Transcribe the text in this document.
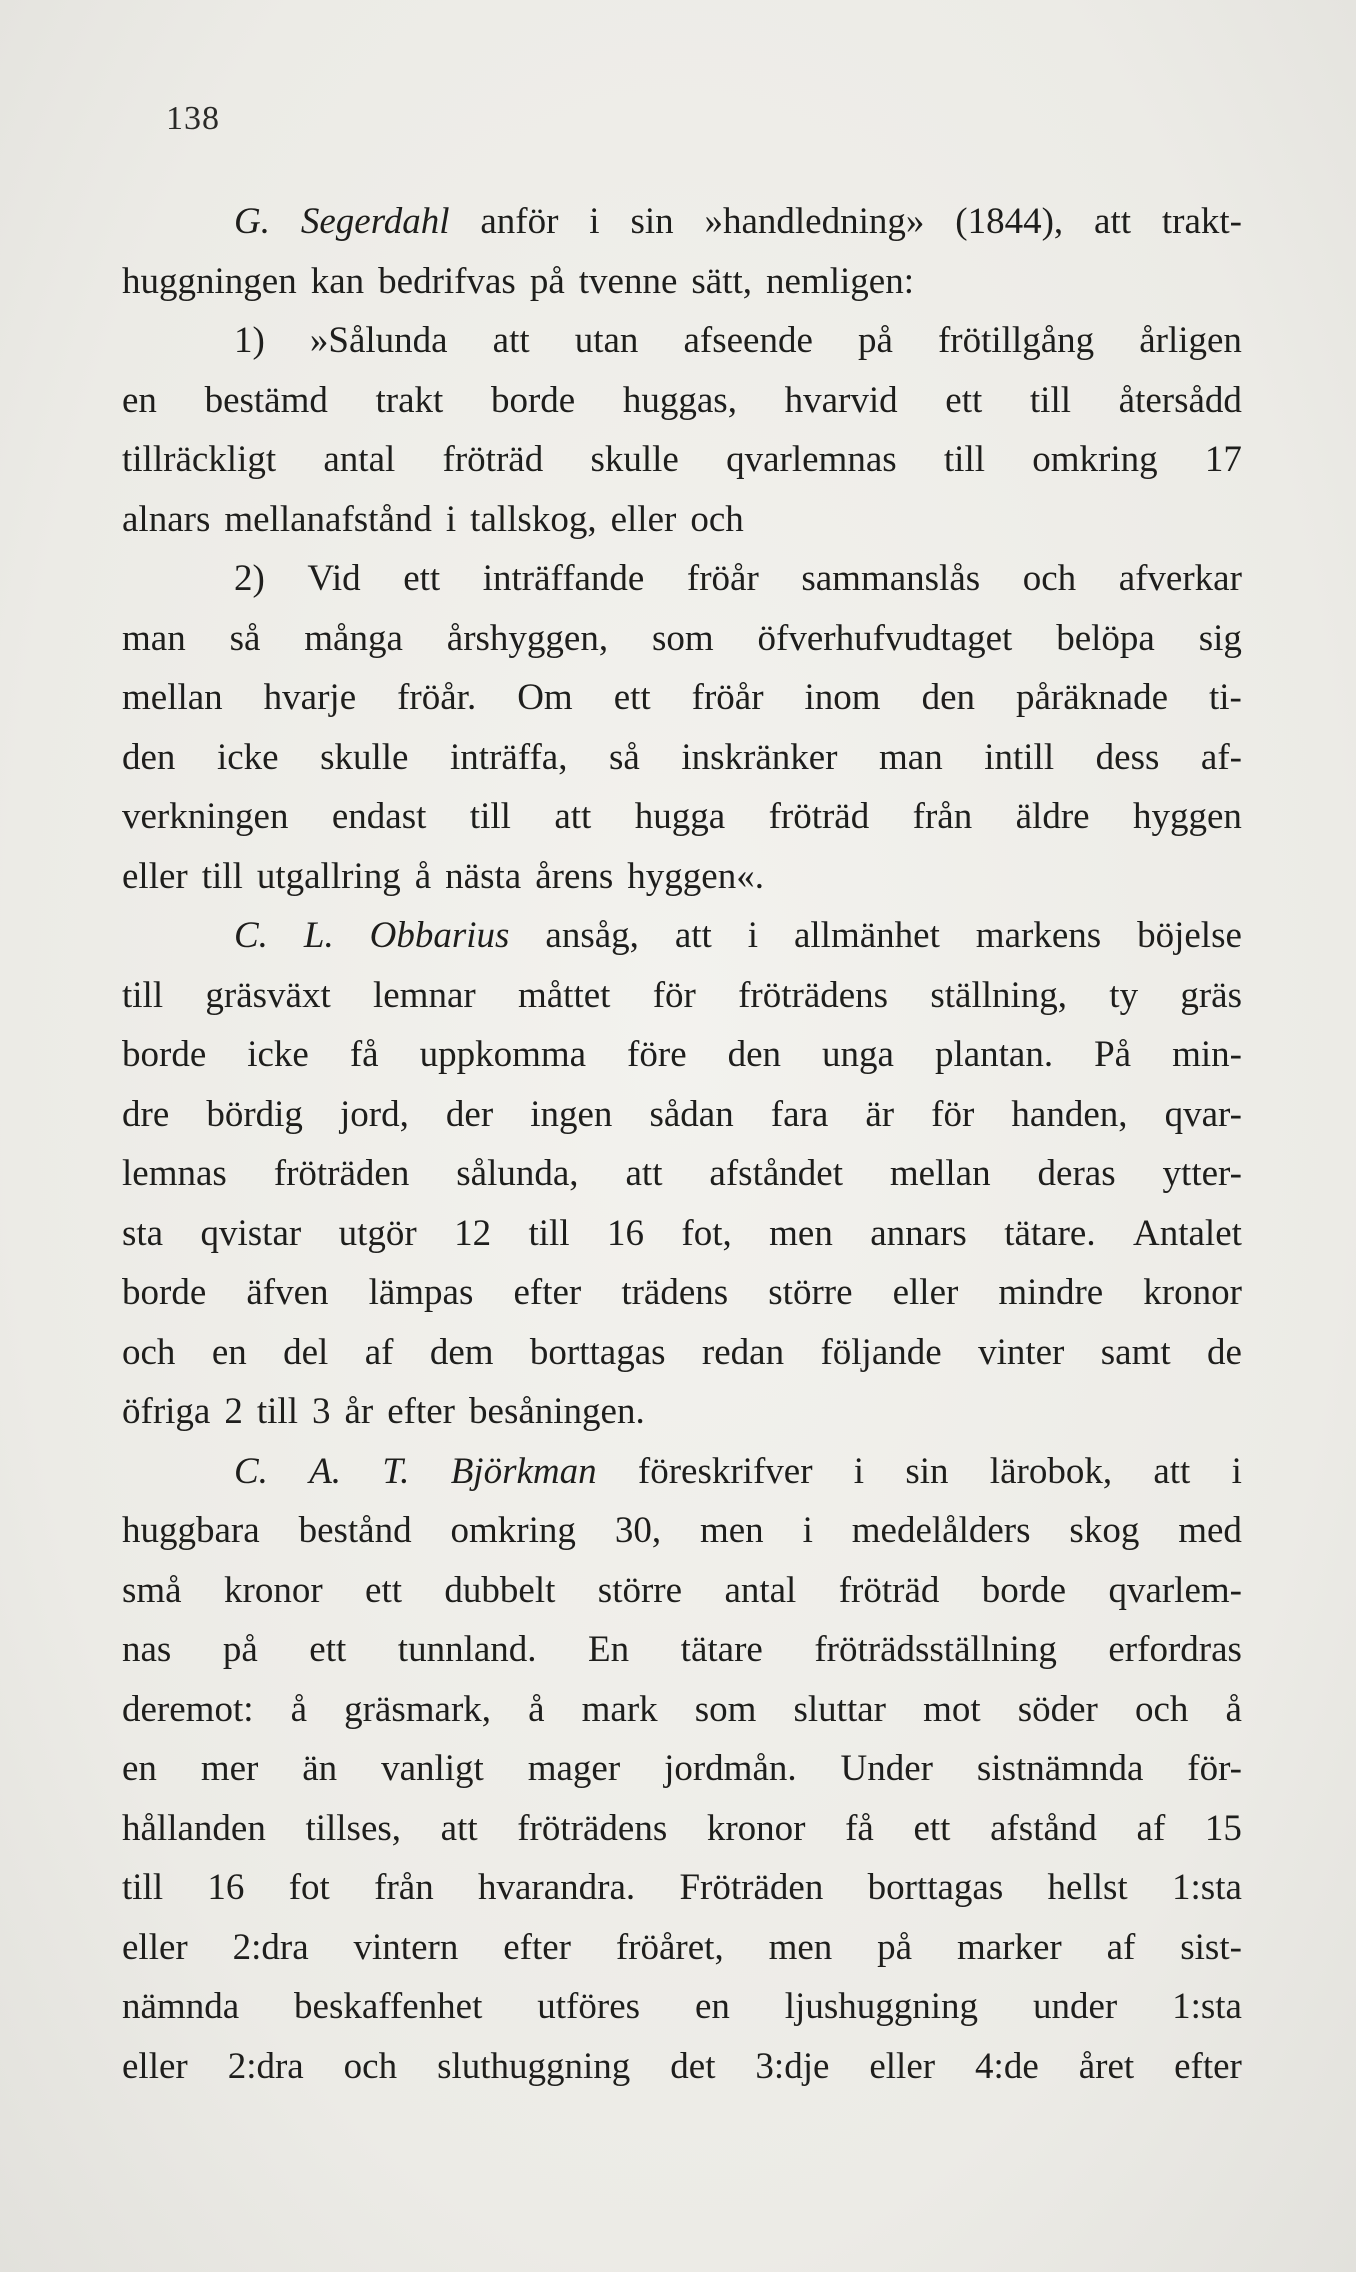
138
G. Segerdahl anför i sin »handledning» (1844), att trakt-
huggningen kan bedrifvas på tvenne sätt, nemligen:
1) »Sålunda att utan afseende på frötillgång årligen
en bestämd trakt borde huggas, hvarvid ett till återsådd
tillräckligt antal fröträd skulle qvarlemnas till omkring 17
alnars mellanafstånd i tallskog, eller och
2) Vid ett inträffande fröår sammanslås och afverkar
man så många årshyggen, som öfverhufvudtaget belöpa sig
mellan hvarje fröår. Om ett fröår inom den påräknade ti-
den icke skulle inträffa, så inskränker man intill dess af-
verkningen endast till att hugga fröträd från äldre hyggen
eller till utgallring å nästa årens hyggen«.
C. L. Obbarius ansåg, att i allmänhet markens böjelse
till gräsväxt lemnar måttet för fröträdens ställning, ty gräs
borde icke få uppkomma före den unga plantan. På min-
dre bördig jord, der ingen sådan fara är för handen, qvar-
lemnas fröträden sålunda, att afståndet mellan deras ytter-
sta qvistar utgör 12 till 16 fot, men annars tätare. Antalet
borde äfven lämpas efter trädens större eller mindre kronor
och en del af dem borttagas redan följande vinter samt de
öfriga 2 till 3 år efter besåningen.
C. A. T. Björkman föreskrifver i sin lärobok, att i
huggbara bestånd omkring 30, men i medelålders skog med
små kronor ett dubbelt större antal fröträd borde qvarlem-
nas på ett tunnland. En tätare fröträdsställning erfordras
deremot: å gräsmark, å mark som sluttar mot söder och å
en mer än vanligt mager jordmån. Under sistnämnda för-
hållanden tillses, att fröträdens kronor få ett afstånd af 15
till 16 fot från hvarandra. Fröträden borttagas hellst 1:sta
eller 2:dra vintern efter fröåret, men på marker af sist-
nämnda beskaffenhet utföres en ljushuggning under 1:sta
eller 2:dra och sluthuggning det 3:dje eller 4:de året efter
